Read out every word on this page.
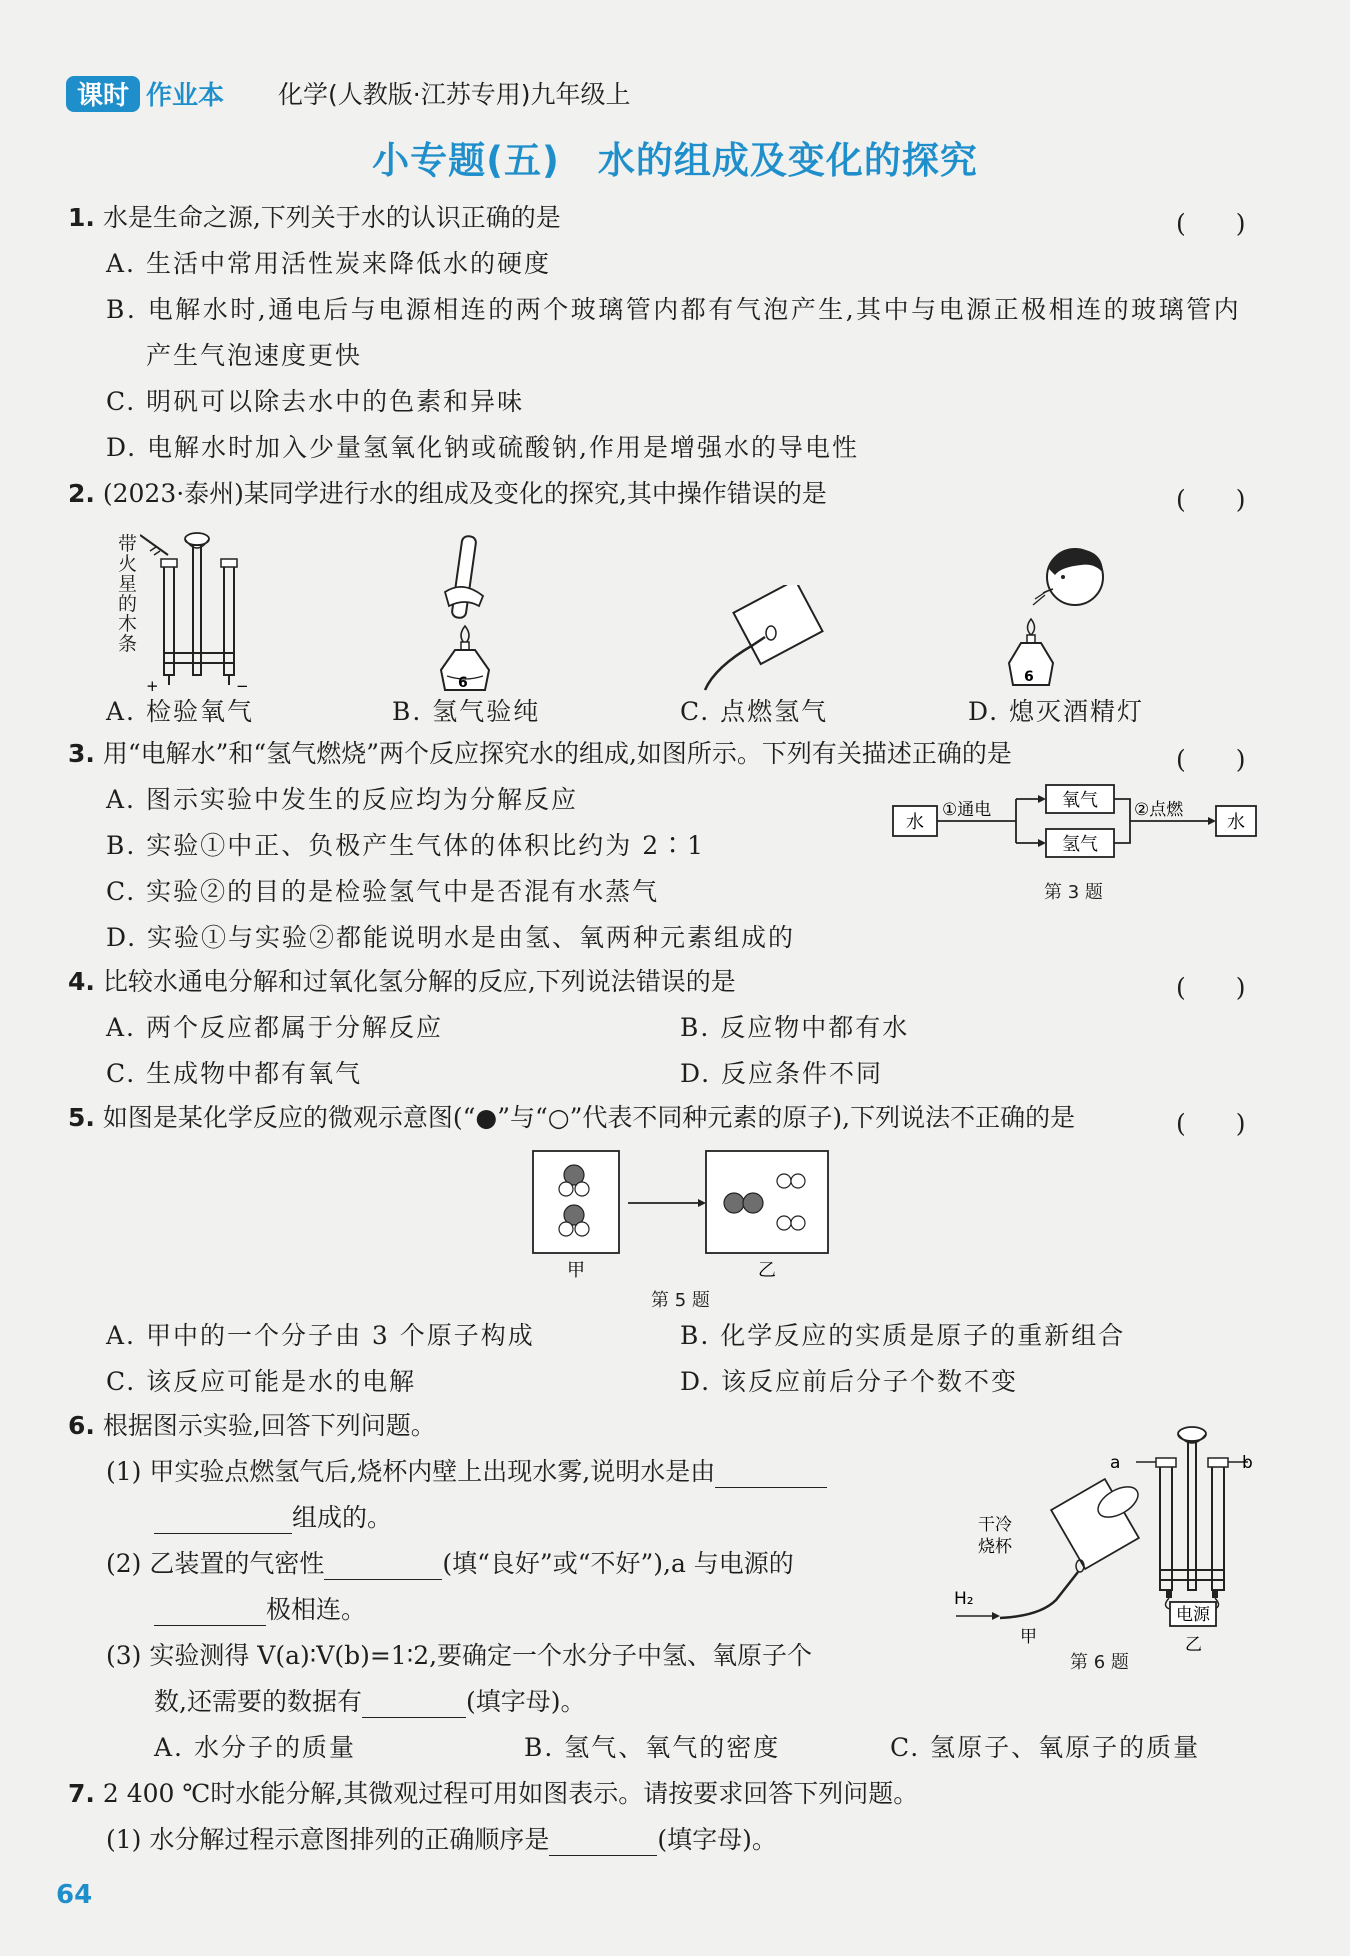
课时 作业本 化学(人教版·江苏专用)九年级上
小专题(五)　水的组成及变化的探究
1. 水是生命之源,下列关于水的认识正确的是	(　　)
A. 生活中常用活性炭来降低水的硬度
B. 电解水时,通电后与电源相连的两个玻璃管内都有气泡产生,其中与电源正极相连的玻璃管内
产生气泡速度更快
C. 明矾可以除去水中的色素和异味
D. 电解水时加入少量氢氧化钠或硫酸钠,作用是增强水的导电性
2. (2023·泰州)某同学进行水的组成及变化的探究,其中操作错误的是	(　　)
带火星的木条
+	−	6	6
A. 检验氧气	B. 氢气验纯	C. 点燃氢气	D. 熄灭酒精灯
3. 用“电解水”和“氢气燃烧”两个反应探究水的组成,如图所示。下列有关描述正确的是	(　　)
A. 图示实验中发生的反应均为分解反应
B. 实验①中正、负极产生气体的体积比约为 2∶1
C. 实验②的目的是检验氢气中是否混有水蒸气
D. 实验①与实验②都能说明水是由氢、氧两种元素组成的
水
①通电	氧气
氢气
②点燃
水
第 3 题
4. 比较水通电分解和过氧化氢分解的反应,下列说法错误的是	(　　)
A. 两个反应都属于分解反应	B. 反应物中都有水
C. 生成物中都有氧气	D. 反应条件不同
5. 如图是某化学反应的微观示意图(“●”与“○”代表不同种元素的原子),下列说法不正确的是	(　　)
甲	乙
第 5 题
A. 甲中的一个分子由 3 个原子构成	B. 化学反应的实质是原子的重新组合
C. 该反应可能是水的电解	D. 该反应前后分子个数不变
6. 根据图示实验,回答下列问题。
(1) 甲实验点燃氢气后,烧杯内壁上出现水雾,说明水是由
组成的。
(2) 乙装置的气密性	(填“良好”或“不好”),a 与电源的
极相连。
(3) 实验测得 V(a)∶V(b)=1∶2,要确定一个水分子中氢、氧原子个
数,还需要的数据有	(填字母)。
A. 水分子的质量	B. 氢气、氧气的密度	C. 氢原子、氧原子的质量
干冷
烧杯
H₂
甲
a	b
电源
乙
第 6 题
7. 2 400 ℃时水能分解,其微观过程可用如图表示。请按要求回答下列问题。
(1) 水分解过程示意图排列的正确顺序是	(填字母)。
64
